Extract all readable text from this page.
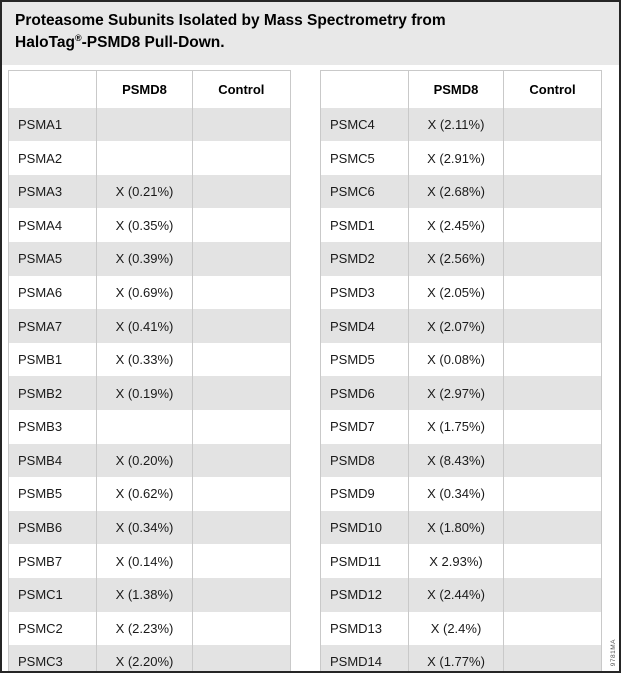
Proteasome Subunits Isolated by Mass Spectrometry from
HaloTag®-PSMD8 Pull-Down.
	PSMD8	Control
PSMA1		
PSMA2		
PSMA3	X (0.21%)	
PSMA4	X (0.35%)	
PSMA5	X (0.39%)	
PSMA6	X (0.69%)	
PSMA7	X (0.41%)	
PSMB1	X (0.33%)	
PSMB2	X (0.19%)	
PSMB3		
PSMB4	X (0.20%)	
PSMB5	X (0.62%)	
PSMB6	X (0.34%)	
PSMB7	X (0.14%)	
PSMC1	X (1.38%)	
PSMC2	X (2.23%)	
PSMC3	X (2.20%)	
	PSMD8	Control
PSMC4	X (2.11%)	
PSMC5	X (2.91%)	
PSMC6	X (2.68%)	
PSMD1	X (2.45%)	
PSMD2	X (2.56%)	
PSMD3	X (2.05%)	
PSMD4	X (2.07%)	
PSMD5	X (0.08%)	
PSMD6	X (2.97%)	
PSMD7	X (1.75%)	
PSMD8	X (8.43%)	
PSMD9	X (0.34%)	
PSMD10	X (1.80%)	
PSMD11	X 2.93%)	
PSMD12	X (2.44%)	
PSMD13	X (2.4%)	
PSMD14	X (1.77%)		9781MA
